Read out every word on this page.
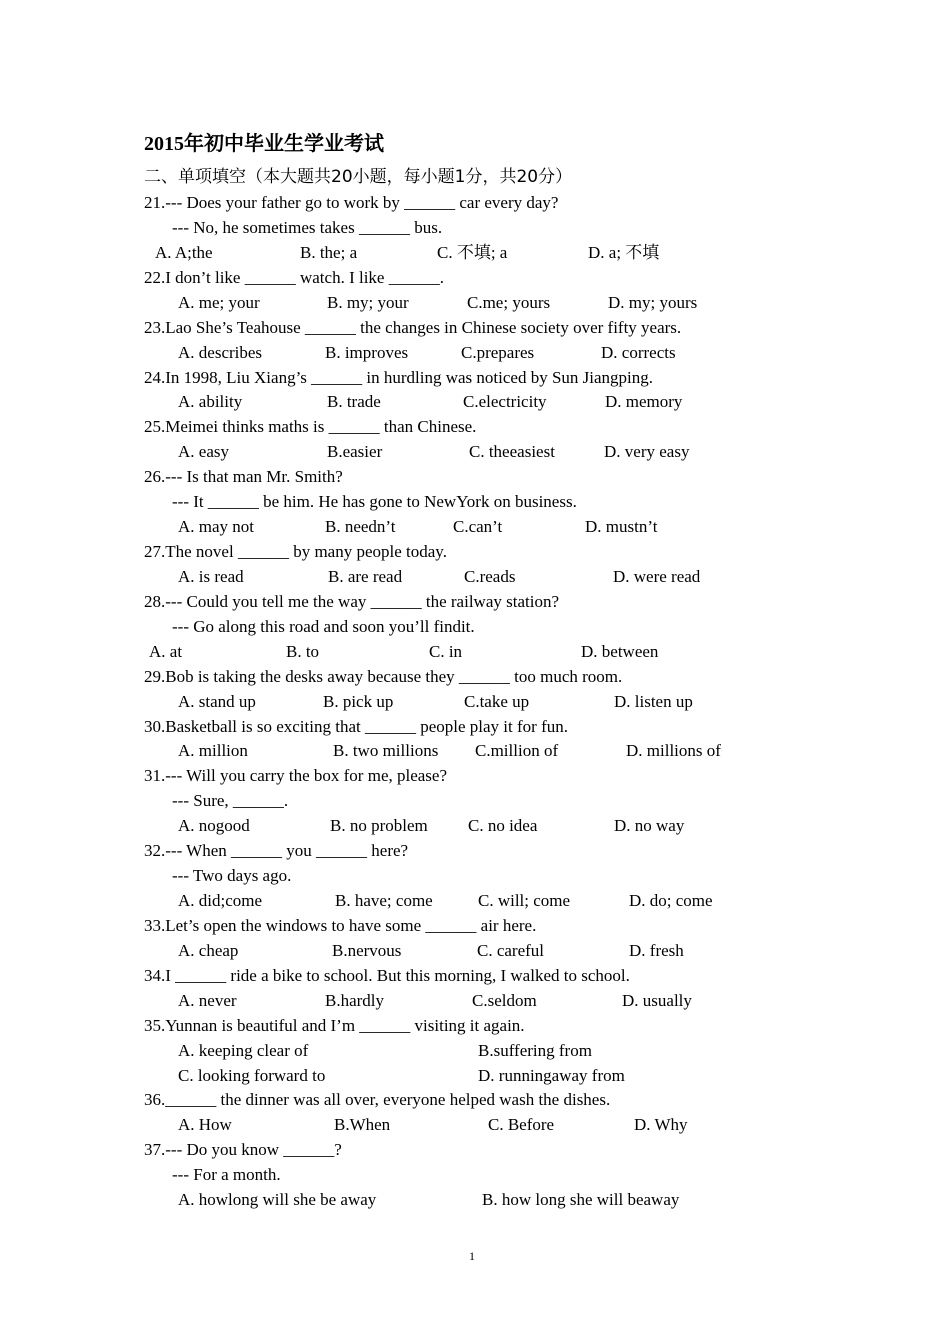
2015年初中毕业生学业考试
二、单项填空（本大题共20小题，每小题1分，共20分）
21.--- Does your father go to work by ______ car every day?
--- No, he sometimes takes ______ bus.
A. A;the	B. the; a	C. 不填; a	D. a; 不填
22.I don’t like ______ watch. I like ______.
A. me; your	B. my; your	C.me; yours	D. my; yours
23.Lao She’s Teahouse ______ the changes in Chinese society over fifty years.
A. describes	B. improves	C.prepares	D. corrects
24.In 1998, Liu Xiang’s ______ in hurdling was noticed by Sun Jiangping.
A. ability	B. trade	C.electricity	D. memory
25.Meimei thinks maths is ______ than Chinese.
A. easy	B.easier	C. theeasiest	D. very easy
26.--- Is that man Mr. Smith?
--- It ______ be him. He has gone to NewYork on business.
A. may not	B. needn’t	C.can’t	D. mustn’t
27.The novel ______ by many people today.
A. is read	B. are read	C.reads	D. were read
28.--- Could you tell me the way ______ the railway station?
--- Go along this road and soon you’ll findit.
A. at	B. to	C. in	D. between
29.Bob is taking the desks away because they ______ too much room.
A. stand up	B. pick up	C.take up	D. listen up
30.Basketball is so exciting that ______ people play it for fun.
A. million	B. two millions C.million of	D. millions of
31.--- Will you carry the box for me, please?
--- Sure, ______.
A. nogood	B. no problem C. no idea	D. no way
32.--- When ______ you ______ here?
--- Two days ago.
A. did;come	B. have; come	C. will; come	D. do; come
33.Let’s open the windows to have some ______ air here.
A. cheap	B.nervous	C. careful	D. fresh
34.I ______ ride a bike to school. But this morning, I walked to school.
A. never	B.hardly	C.seldom	D. usually
35.Yunnan is beautiful and I’m ______ visiting it again.
A. keeping clear of	B.suffering from
C. looking forward to	D. runningaway from
36.______ the dinner was all over, everyone helped wash the dishes.
A. How	B.When	C. Before	D. Why
37.--- Do you know ______?
--- For a month.
A. howlong will she be away	B. how long she will beaway
1
